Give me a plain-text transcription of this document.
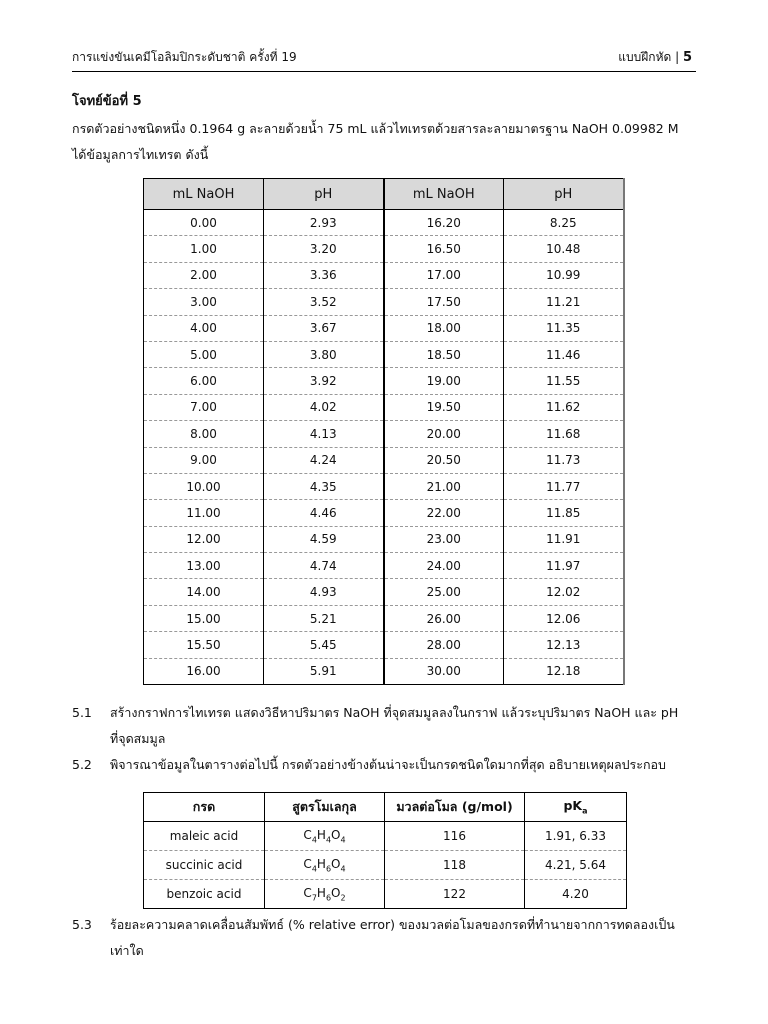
การแข่งขันเคมีโอลิมปิกระดับชาติ ครั้งที่ 19	แบบฝึกหัด | 5
โจทย์ข้อที่ 5
กรดตัวอย่างชนิดหนึ่ง 0.1964 g ละลายด้วยน้ำ 75 mL แล้วไทเทรตด้วยสารละลายมาตรฐาน NaOH 0.09982 M
ได้ข้อมูลการไทเทรต ดังนี้
mL NaOH	pH	mL NaOH	pH
0.00	2.93	16.20	8.25
1.00	3.20	16.50	10.48
2.00	3.36	17.00	10.99
3.00	3.52	17.50	11.21
4.00	3.67	18.00	11.35
5.00	3.80	18.50	11.46
6.00	3.92	19.00	11.55
7.00	4.02	19.50	11.62
8.00	4.13	20.00	11.68
9.00	4.24	20.50	11.73
10.00	4.35	21.00	11.77
11.00	4.46	22.00	11.85
12.00	4.59	23.00	11.91
13.00	4.74	24.00	11.97
14.00	4.93	25.00	12.02
15.00	5.21	26.00	12.06
15.50	5.45	28.00	12.13
16.00	5.91	30.00	12.18
5.1 สร้างกราฟการไทเทรต แสดงวิธีหาปริมาตร NaOH ที่จุดสมมูลลงในกราฟ แล้วระบุปริมาตร NaOH และ pH
ที่จุดสมมูล
5.2 พิจารณาข้อมูลในตารางต่อไปนี้ กรดตัวอย่างข้างต้นน่าจะเป็นกรดชนิดใดมากที่สุด อธิบายเหตุผลประกอบ
กรด	สูตรโมเลกุล	มวลต่อโมล (g/mol)	$pK_a$
maleic acid	$C_4H_4O_4$	116	1.91, 6.33
succinic acid	$C_4H_6O_4$	118	4.21, 5.64
benzoic acid	$C_7H_6O_2$	122	4.20
5.3 ร้อยละความคลาดเคลื่อนสัมพัทธ์ (% relative error) ของมวลต่อโมลของกรดที่ทำนายจากการทดลองเป็น
เท่าใด
